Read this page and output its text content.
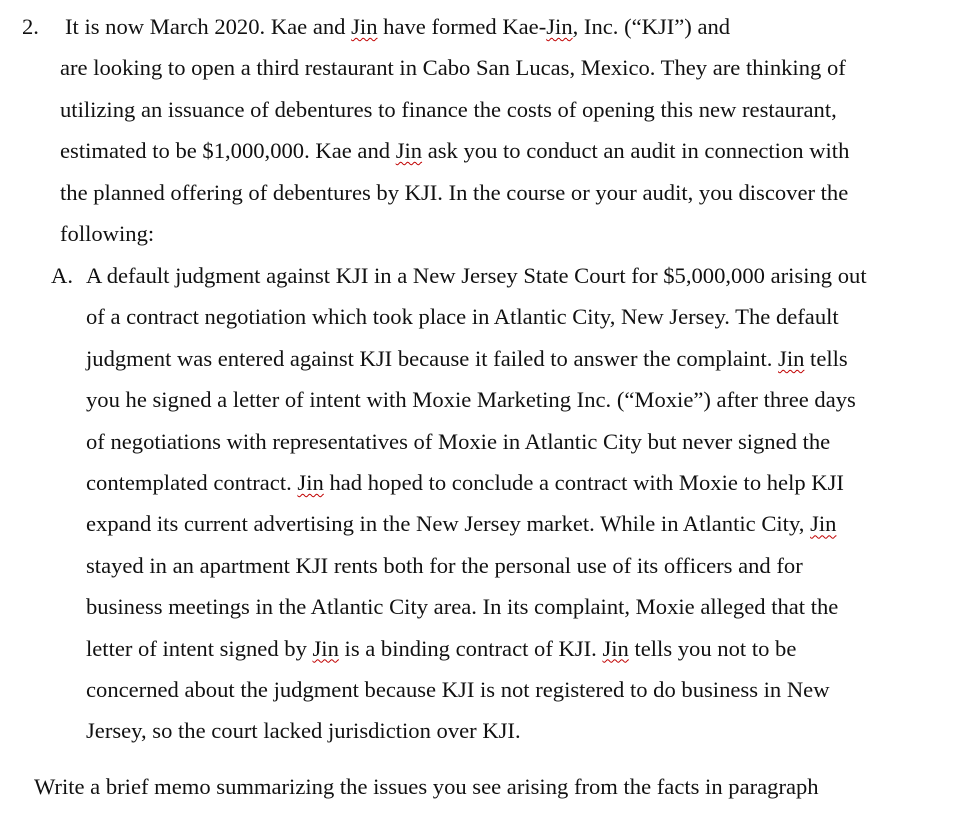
2. It is now March 2020. Kae and Jin have formed Kae-Jin, Inc. (“KJI”) and
are looking to open a third restaurant in Cabo San Lucas, Mexico. They are thinking of
utilizing an issuance of debentures to finance the costs of opening this new restaurant,
estimated to be $1,000,000. Kae and Jin ask you to conduct an audit in connection with
the planned offering of debentures by KJI. In the course or your audit, you discover the
following:
A. A default judgment against KJI in a New Jersey State Court for $5,000,000 arising out
of a contract negotiation which took place in Atlantic City, New Jersey. The default
judgment was entered against KJI because it failed to answer the complaint. Jin tells
you he signed a letter of intent with Moxie Marketing Inc. (“Moxie”) after three days
of negotiations with representatives of Moxie in Atlantic City but never signed the
contemplated contract. Jin had hoped to conclude a contract with Moxie to help KJI
expand its current advertising in the New Jersey market. While in Atlantic City, Jin
stayed in an apartment KJI rents both for the personal use of its officers and for
business meetings in the Atlantic City area. In its complaint, Moxie alleged that the
letter of intent signed by Jin is a binding contract of KJI. Jin tells you not to be
concerned about the judgment because KJI is not registered to do business in New
Jersey, so the court lacked jurisdiction over KJI.
Write a brief memo summarizing the issues you see arising from the facts in paragraph
